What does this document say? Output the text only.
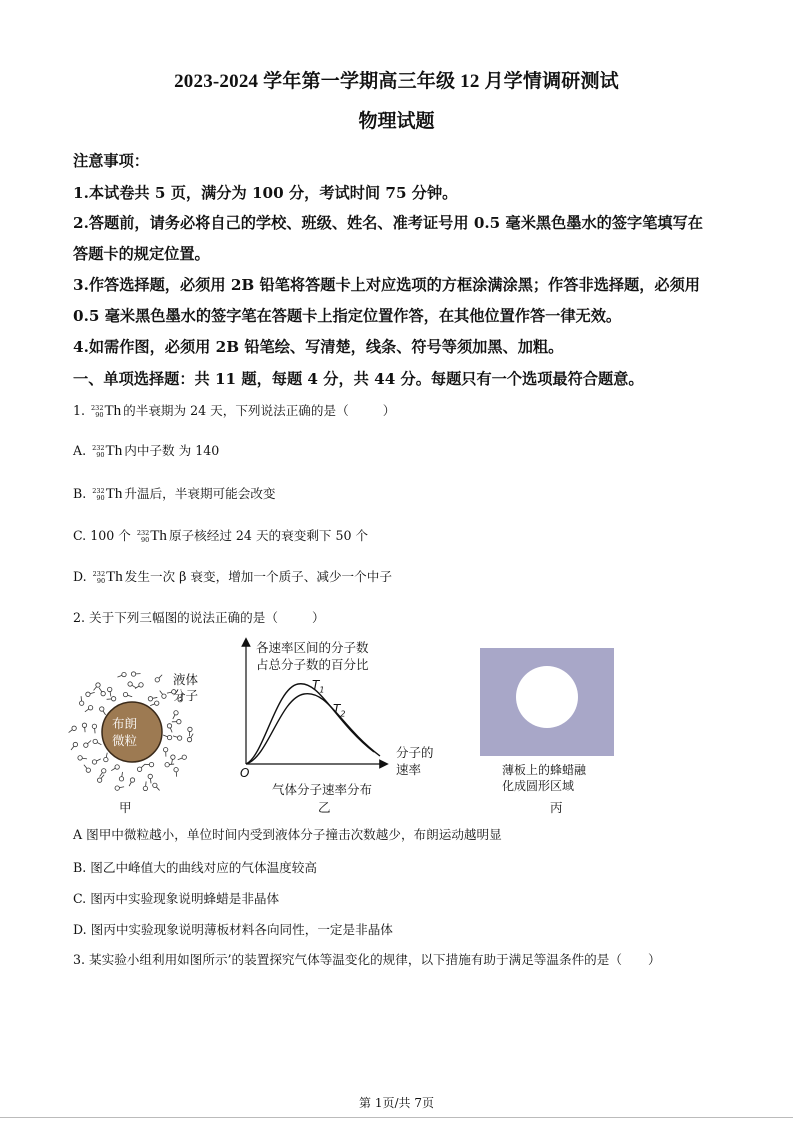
2023-2024 学年第一学期高三年级 12 月学情调研测试
物理试题
注意事项：
1.本试卷共 5 页，满分为 100 分，考试时间 75 分钟。
2.答题前，请务必将自己的学校、班级、姓名、准考证号用 0.5 毫米黑色墨水的签字笔填写在
答题卡的规定位置。
3.作答选择题，必须用 2B 铅笔将答题卡上对应选项的方框涂满涂黑；作答非选择题，必须用
0.5 毫米黑色墨水的签字笔在答题卡上指定位置作答，在其他位置作答一律无效。
4.如需作图，必须用 2B 铅笔绘、写清楚，线条、符号等须加黑、加粗。
一、单项选择题：共 11 题，每题 4 分，共 44 分。每题只有一个选项最符合题意。
1. 232
90 Th 的半衰期为 24 天，下列说法正确的是（	）
A. 232
90 Th 内中子数 为 140
B. 232
90 Th 升温后，半衰期可能会改变
C. 100 个 232
90 Th 原子核经过 24 天的衰变剩下 50 个
D. 232
90 Th 发生一次 β 衰变，增加一个质子、减少一个中子
2. 关于下列三幅图的说法正确的是（	）
布朗
微粒
液体
分子
甲
各速率区间的分子数
占总分子数的百分比
$T_1$
$T_2$
分子的
速率
O
气体分子速率分布
乙
薄板上的蜂蜡融
化成圆形区域
丙
A 图甲中微粒越小，单位时间内受到液体分子撞击次数越少，布朗运动越明显
B. 图乙中峰值大的曲线对应的气体温度较高
C. 图丙中实验现象说明蜂蜡是非晶体
D. 图丙中实验现象说明薄板材料各向同性，一定是非晶体
3. 某实验小组利用如图所示’的装置探究气体等温变化的规律，以下措施有助于满足等温条件的是（ ）
第 1页/共 7页
